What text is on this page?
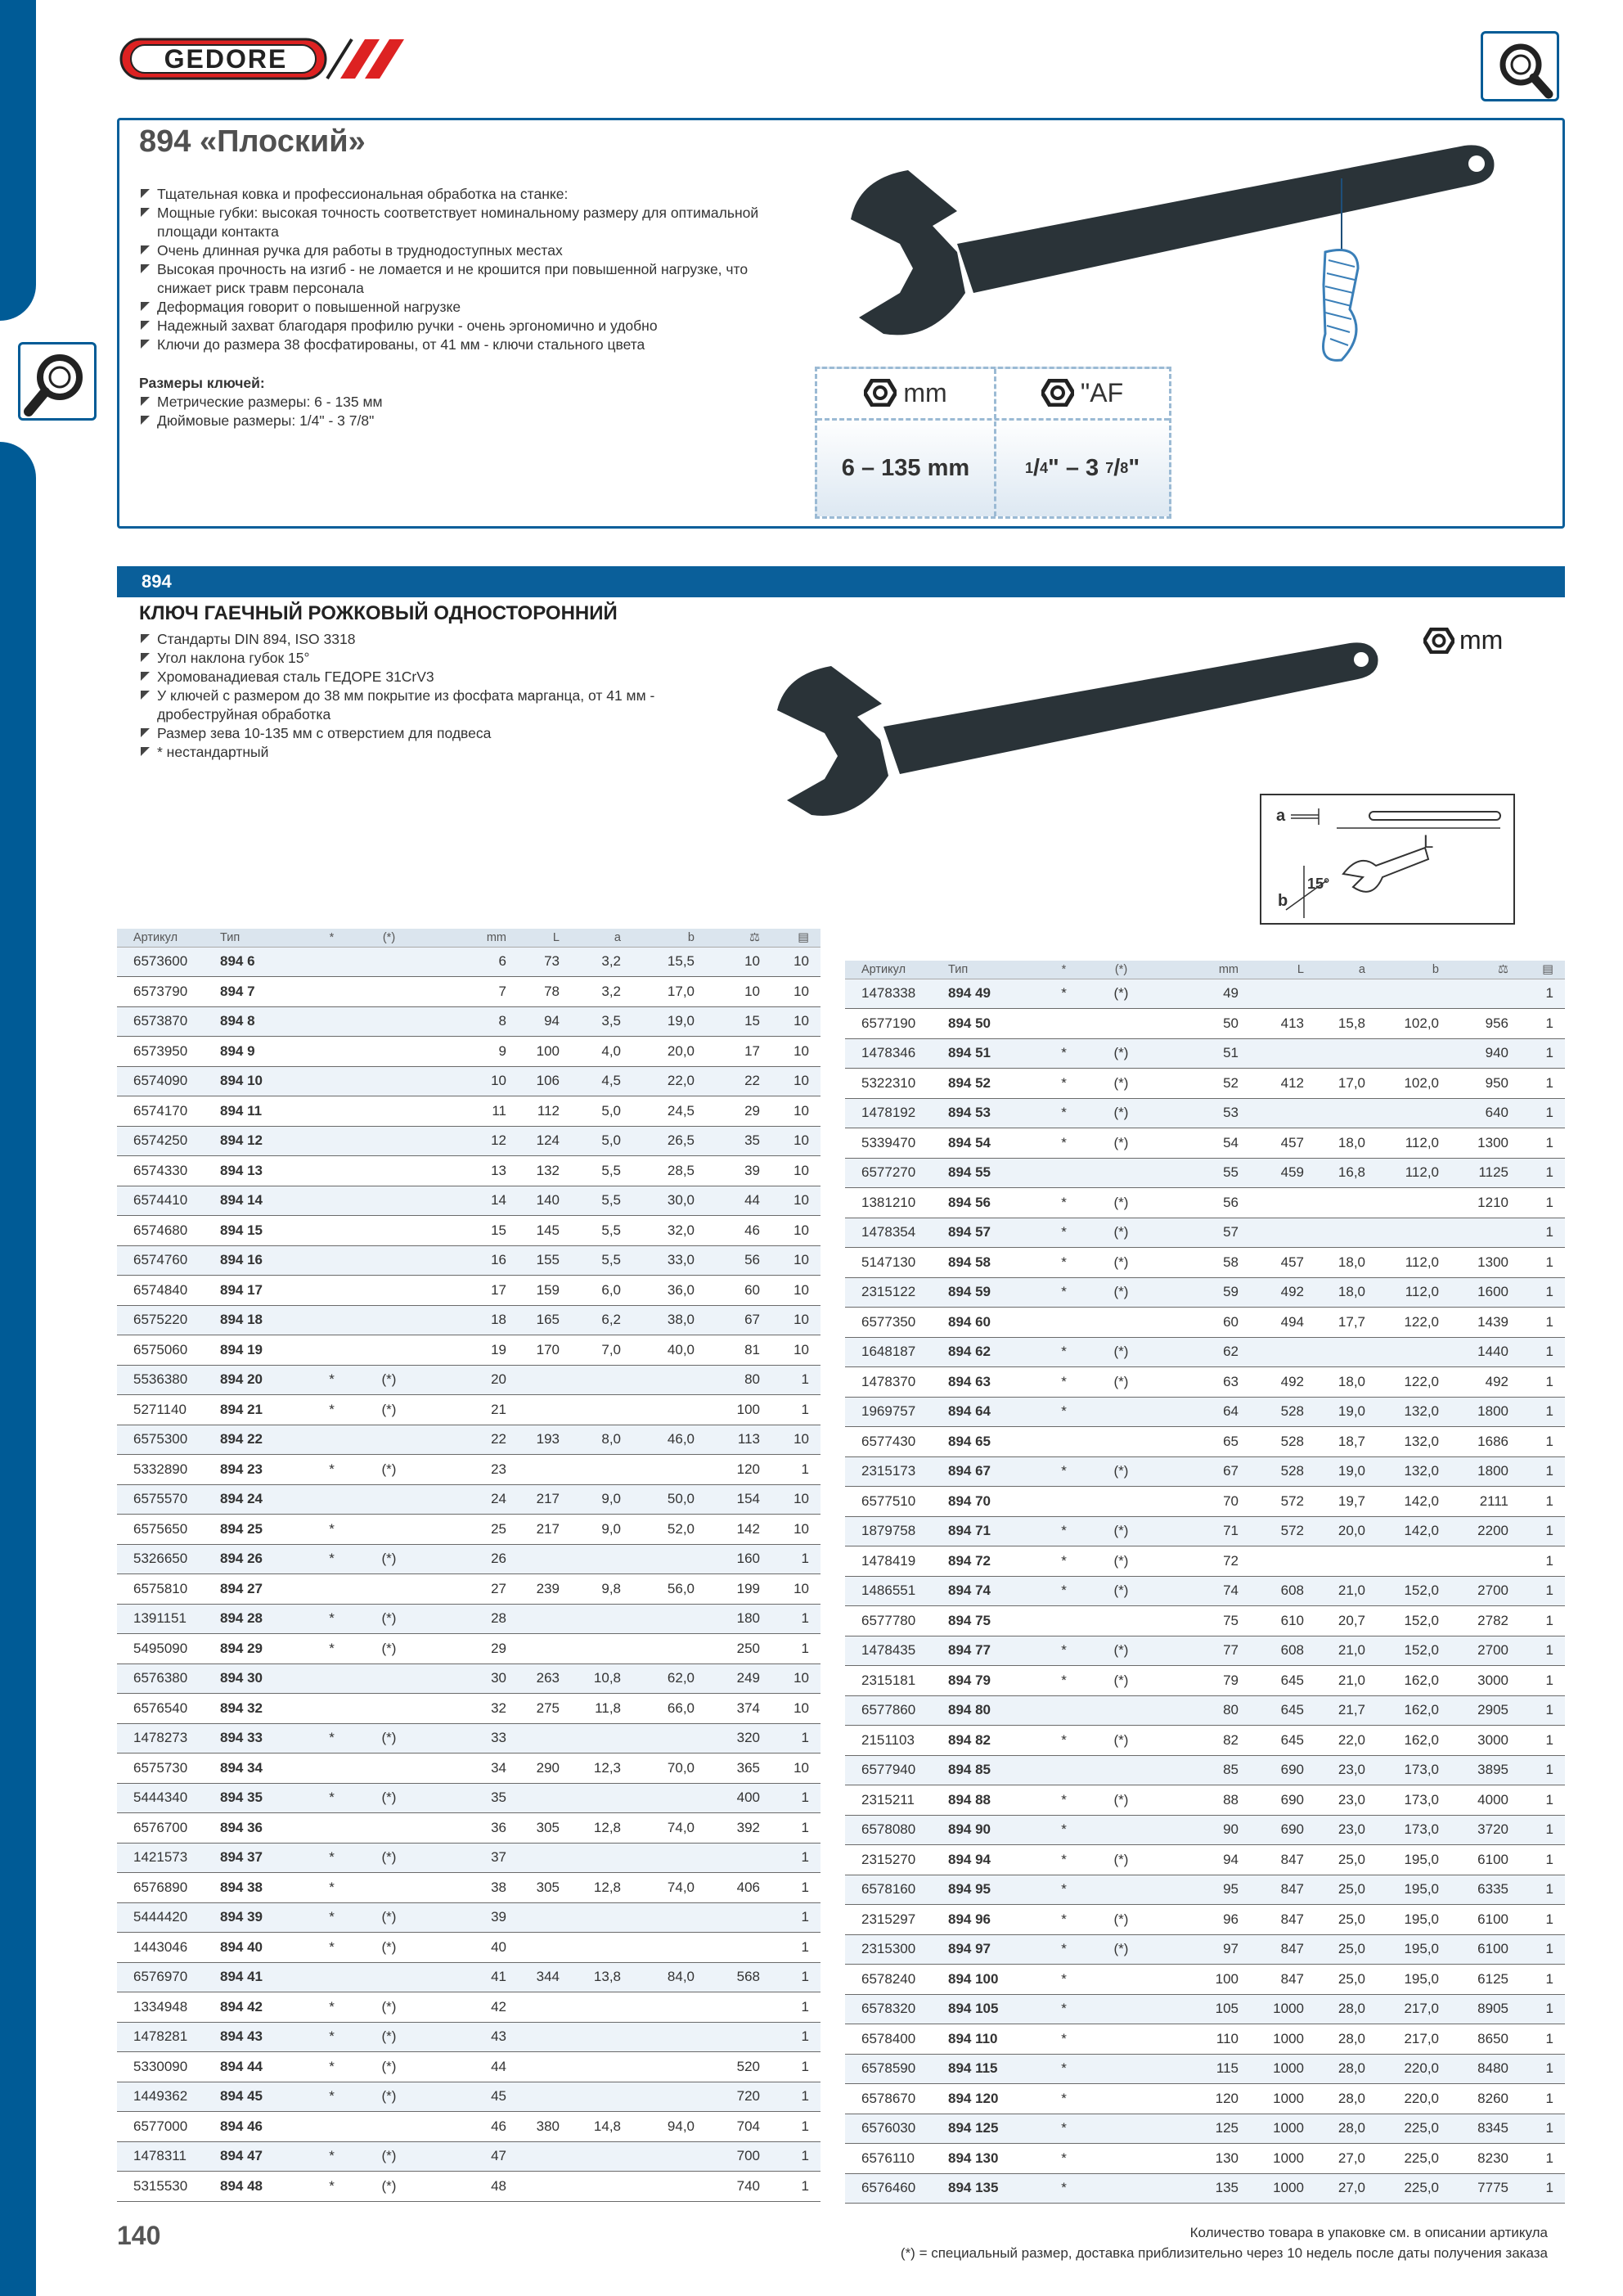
GEDORE
894 «Плоский»
Тщательная ковка и профессиональная обработка на станке:
Мощные губки: высокая точность соответствует номинальному размеру для оптимальной площади контакта
Очень длинная ручка для работы в труднодоступных местах
Высокая прочность на изгиб - не ломается и не крошится при повышенной нагрузке, что снижает риск травм персонала
Деформация говорит о повышенной нагрузке
Надежный захват благодаря профилю ручки - очень эргономично и удобно
Ключи до размера 38 фосфатированы, от 41 мм - ключи стального цвета
Размеры ключей:
Метрические размеры: 6 - 135 мм
Дюймовые размеры: 1/4" - 3 7/8"
mm	"AF
6 – 135 mm	1 / 4 " – 3 7 / 8 "
894
КЛЮЧ ГАЕЧНЫЙ РОЖКОВЫЙ ОДНОСТОРОННИЙ
Стандарты DIN 894, ISO 3318
Угол наклона губок 15°
Хромованадиевая сталь ГЕДОРЕ 31CrV3
У ключей с размером до 38 мм покрытие из фосфата марганца, от 41 мм - дробеструйная обработка
Размер зева 10-135 мм с отверстием для подвеса
* нестандартный
mm
a
L
b
15°
Артикул	Тип	*	(*)	mm	L	a	b	⚖	▤
6573600	894 6			6	73	3,2	15,5	10	10
6573790	894 7			7	78	3,2	17,0	10	10
6573870	894 8			8	94	3,5	19,0	15	10
6573950	894 9			9	100	4,0	20,0	17	10
6574090	894 10			10	106	4,5	22,0	22	10
6574170	894 11			11	112	5,0	24,5	29	10
6574250	894 12			12	124	5,0	26,5	35	10
6574330	894 13			13	132	5,5	28,5	39	10
6574410	894 14			14	140	5,5	30,0	44	10
6574680	894 15			15	145	5,5	32,0	46	10
6574760	894 16			16	155	5,5	33,0	56	10
6574840	894 17			17	159	6,0	36,0	60	10
6575220	894 18			18	165	6,2	38,0	67	10
6575060	894 19			19	170	7,0	40,0	81	10
5536380	894 20	*	(*)	20				80	1
5271140	894 21	*	(*)	21				100	1
6575300	894 22			22	193	8,0	46,0	113	10
5332890	894 23	*	(*)	23				120	1
6575570	894 24			24	217	9,0	50,0	154	10
6575650	894 25	*		25	217	9,0	52,0	142	10
5326650	894 26	*	(*)	26				160	1
6575810	894 27			27	239	9,8	56,0	199	10
1391151	894 28	*	(*)	28				180	1
5495090	894 29	*	(*)	29				250	1
6576380	894 30			30	263	10,8	62,0	249	10
6576540	894 32			32	275	11,8	66,0	374	10
1478273	894 33	*	(*)	33				320	1
6575730	894 34			34	290	12,3	70,0	365	10
5444340	894 35	*	(*)	35				400	1
6576700	894 36			36	305	12,8	74,0	392	1
1421573	894 37	*	(*)	37					1
6576890	894 38	*		38	305	12,8	74,0	406	1
5444420	894 39	*	(*)	39					1
1443046	894 40	*	(*)	40					1
6576970	894 41			41	344	13,8	84,0	568	1
1334948	894 42	*	(*)	42					1
1478281	894 43	*	(*)	43					1
5330090	894 44	*	(*)	44				520	1
1449362	894 45	*	(*)	45				720	1
6577000	894 46			46	380	14,8	94,0	704	1
1478311	894 47	*	(*)	47				700	1
5315530	894 48	*	(*)	48				740	1
Артикул	Тип	*	(*)	mm	L	a	b	⚖	▤
1478338	894 49	*	(*)	49					1
6577190	894 50			50	413	15,8	102,0	956	1
1478346	894 51	*	(*)	51				940	1
5322310	894 52	*	(*)	52	412	17,0	102,0	950	1
1478192	894 53	*	(*)	53				640	1
5339470	894 54	*	(*)	54	457	18,0	112,0	1300	1
6577270	894 55			55	459	16,8	112,0	1125	1
1381210	894 56	*	(*)	56				1210	1
1478354	894 57	*	(*)	57					1
5147130	894 58	*	(*)	58	457	18,0	112,0	1300	1
2315122	894 59	*	(*)	59	492	18,0	112,0	1600	1
6577350	894 60			60	494	17,7	122,0	1439	1
1648187	894 62	*	(*)	62				1440	1
1478370	894 63	*	(*)	63	492	18,0	122,0	492	1
1969757	894 64	*		64	528	19,0	132,0	1800	1
6577430	894 65			65	528	18,7	132,0	1686	1
2315173	894 67	*	(*)	67	528	19,0	132,0	1800	1
6577510	894 70			70	572	19,7	142,0	2111	1
1879758	894 71	*	(*)	71	572	20,0	142,0	2200	1
1478419	894 72	*	(*)	72					1
1486551	894 74	*	(*)	74	608	21,0	152,0	2700	1
6577780	894 75			75	610	20,7	152,0	2782	1
1478435	894 77	*	(*)	77	608	21,0	152,0	2700	1
2315181	894 79	*	(*)	79	645	21,0	162,0	3000	1
6577860	894 80			80	645	21,7	162,0	2905	1
2151103	894 82	*	(*)	82	645	22,0	162,0	3000	1
6577940	894 85			85	690	23,0	173,0	3895	1
2315211	894 88	*	(*)	88	690	23,0	173,0	4000	1
6578080	894 90	*		90	690	23,0	173,0	3720	1
2315270	894 94	*	(*)	94	847	25,0	195,0	6100	1
6578160	894 95	*		95	847	25,0	195,0	6335	1
2315297	894 96	*	(*)	96	847	25,0	195,0	6100	1
2315300	894 97	*	(*)	97	847	25,0	195,0	6100	1
6578240	894 100	*		100	847	25,0	195,0	6125	1
6578320	894 105	*		105	1000	28,0	217,0	8905	1
6578400	894 110	*		110	1000	28,0	217,0	8650	1
6578590	894 115	*		115	1000	28,0	220,0	8480	1
6578670	894 120	*		120	1000	28,0	220,0	8260	1
6576030	894 125	*		125	1000	28,0	225,0	8345	1
6576110	894 130	*		130	1000	27,0	225,0	8230	1
6576460	894 135	*		135	1000	27,0	225,0	7775	1
140	Количество товара в упаковке см. в описании артикула
(*) = специальный размер, доставка приблизительно через 10 недель после даты получения заказа
